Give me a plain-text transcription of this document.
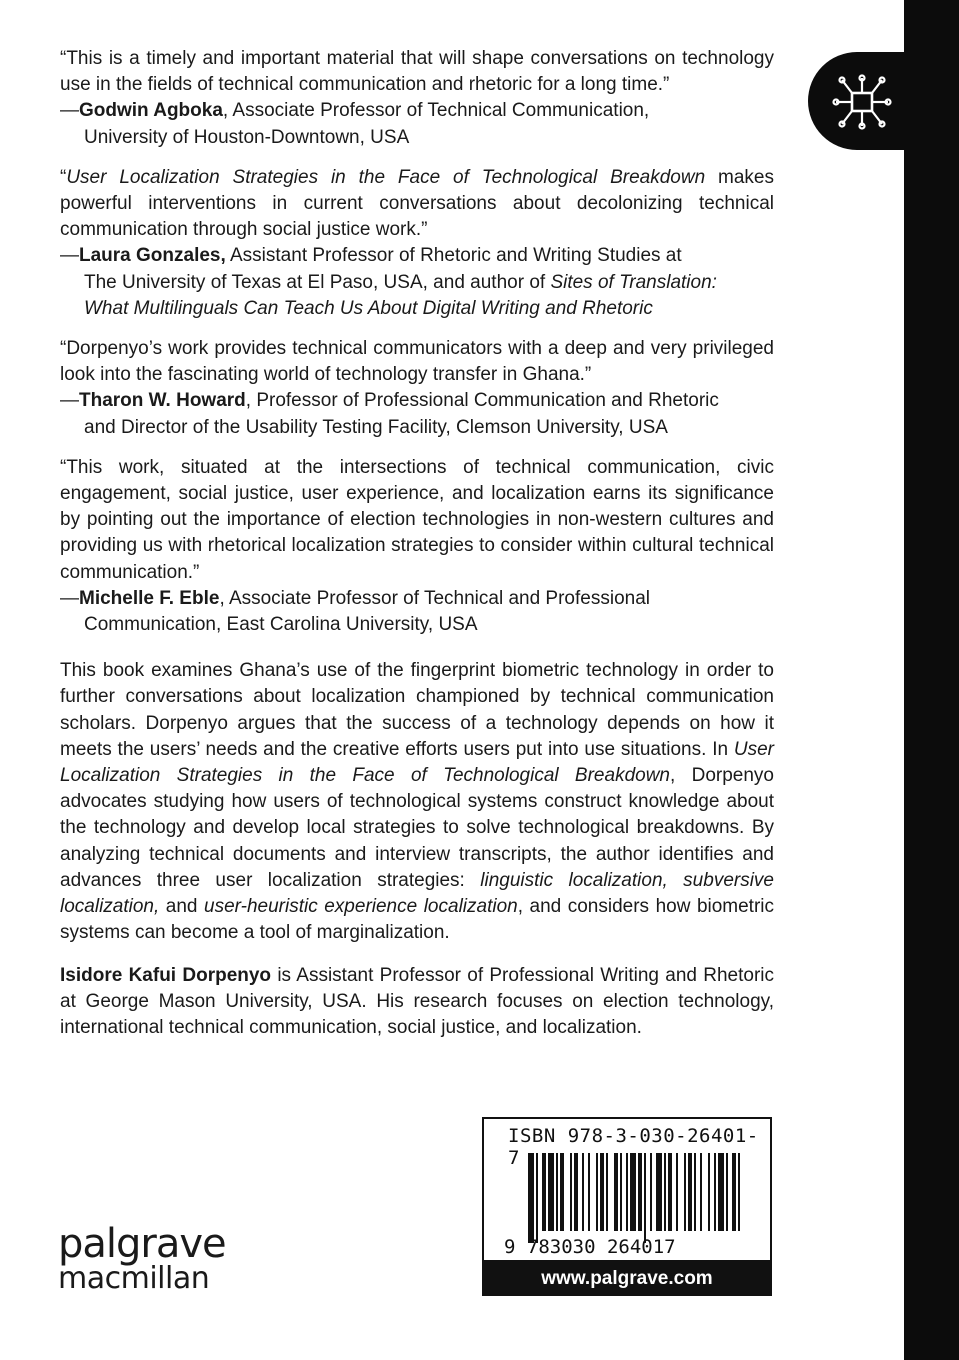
“This is a timely and important material that will shape conversations on technology use in the fields of technical communication and rhetoric for a long time.”

—Godwin Agboka, Associate Professor of Technical Communication,

University of Houston-Downtown, USA

“User Localization Strategies in the Face of Technological Breakdown makes powerful interventions in current conversations about decolonizing technical communication through social justice work.”

—Laura Gonzales, Assistant Professor of Rhetoric and Writing Studies at

The University of Texas at El Paso, USA, and author of Sites of Translation:

What Multilinguals Can Teach Us About Digital Writing and Rhetoric

“Dorpenyo’s work provides technical communicators with a deep and very privileged look into the fascinating world of technology transfer in Ghana.”

—Tharon W. Howard, Professor of Professional Communication and Rhetoric

and Director of the Usability Testing Facility, Clemson University, USA

“This work, situated at the intersections of technical communication, civic engagement, social justice, user experience, and localization earns its significance by pointing out the importance of election technologies in non-western cultures and providing us with rhetorical localization strategies to consider within cultural technical communication.”

—Michelle F. Eble, Associate Professor of Technical and Professional

Communication, East Carolina University, USA

This book examines Ghana’s use of the fingerprint biometric technology in order to further conversations about localization championed by technical communication scholars. Dorpenyo argues that the success of a technology depends on how it meets the users’ needs and the creative efforts users put into use situations. In User Localization Strategies in the Face of Technological Breakdown, Dorpenyo advocates studying how users of technological systems construct knowledge about the technology and develop local strategies to solve technological breakdowns. By analyzing technical documents and interview transcripts, the author identifies and advances three user localization strategies: linguistic localization, subversive localization, and user-heuristic experience localization, and considers how biometric systems can become a tool of marginalization.

Isidore Kafui Dorpenyo is Assistant Professor of Professional Writing and Rhetoric at George Mason University, USA. His research focuses on election technology, international technical communication, social justice, and localization.

palgrave
macmillan
ISBN 978-3-030-26401-7
9 783030 264017
www.palgrave.com
